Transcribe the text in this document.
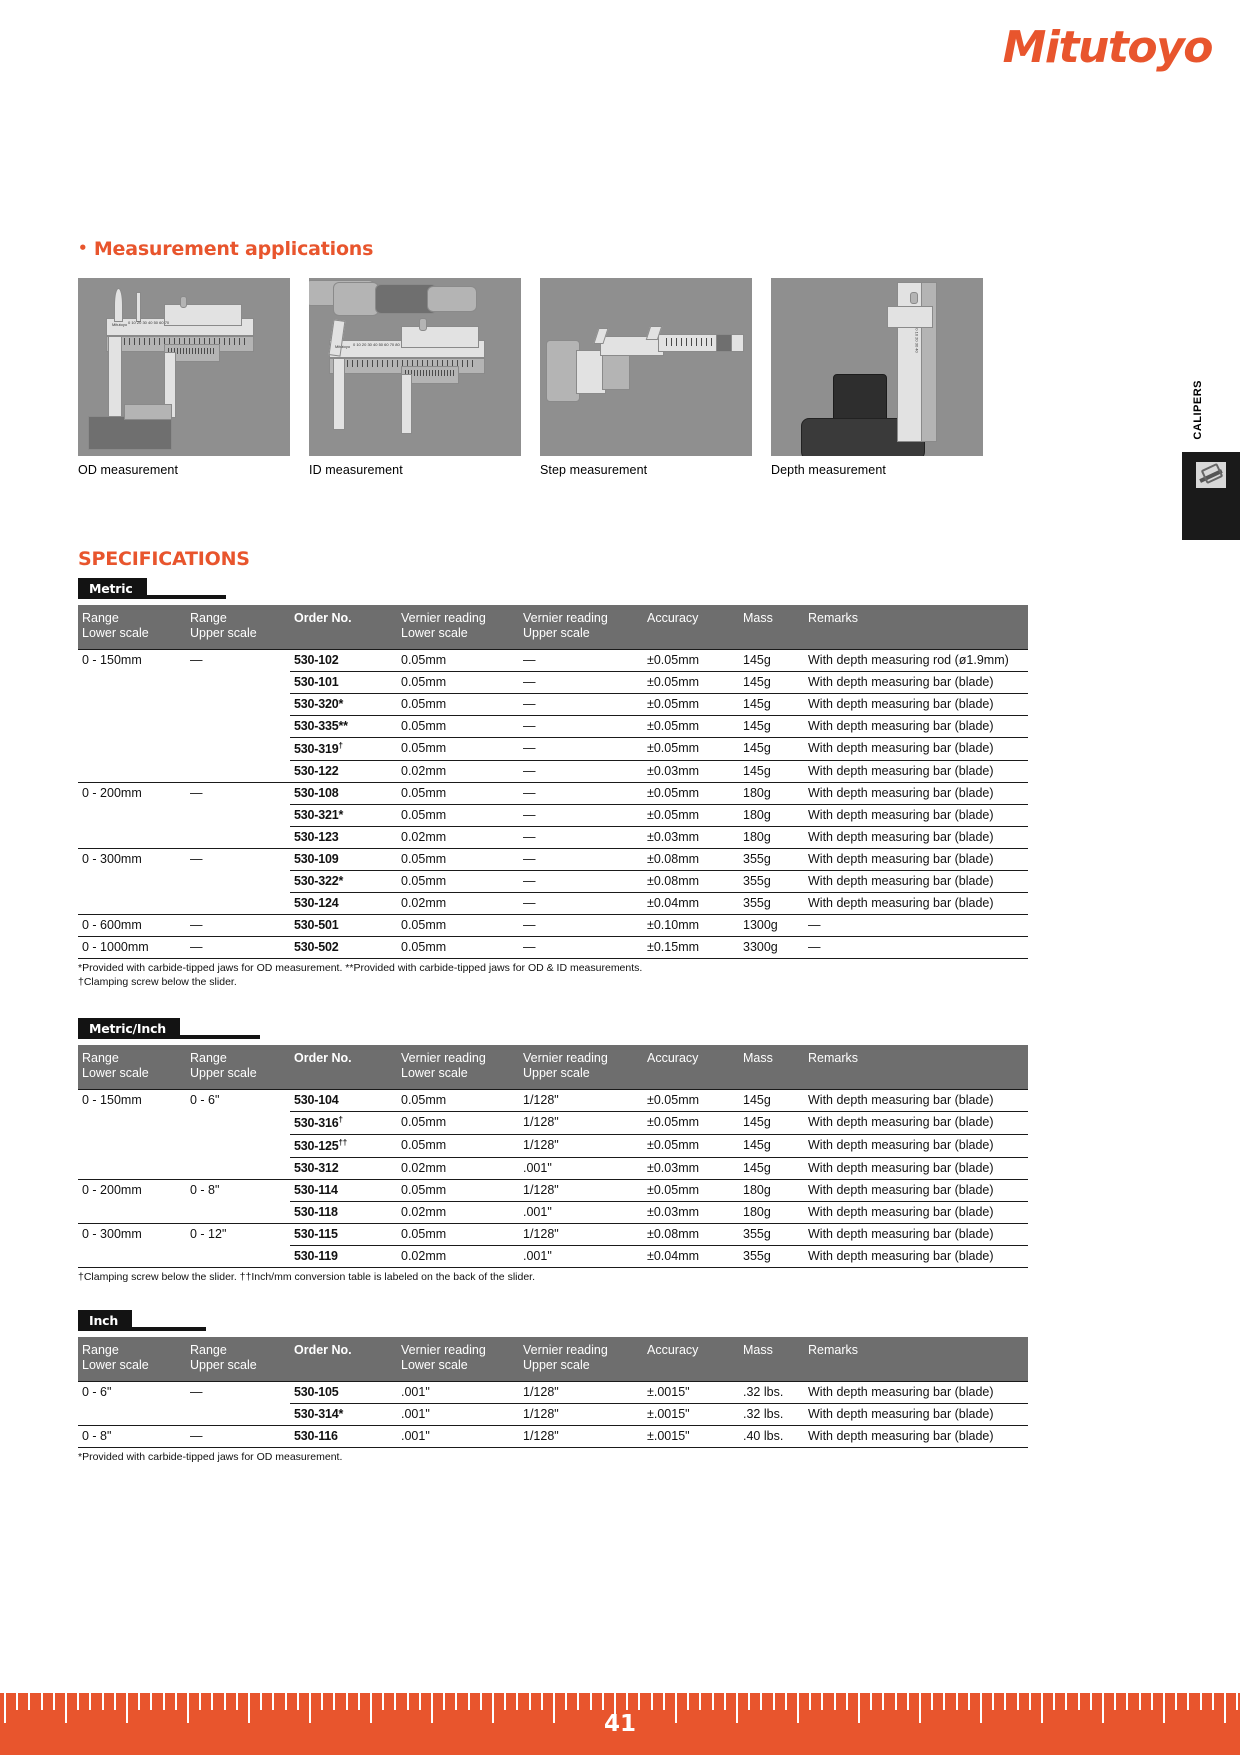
Mitutoyo
CALIPERS
• Measurement applications
Mitutoyo 0 10 20 30 40 50 60 70
OD measurement
Mitutoyo 0 10 20 30 40 50 60 70 80
ID measurement	Step measurement
0 10 20 30 40
Depth measurement
SPECIFICATIONS
Metric
Range
Lower scale	Range
Upper scale	Order No.	Vernier reading
Lower scale	Vernier reading
Upper scale	Accuracy	Mass	Remarks
0 - 150mm	—	530-102	0.05mm	—	±0.05mm	145g	With depth measuring rod (ø1.9mm)
		530-101	0.05mm	—	±0.05mm	145g	With depth measuring bar (blade)
		530-320*	0.05mm	—	±0.05mm	145g	With depth measuring bar (blade)
		530-335**	0.05mm	—	±0.05mm	145g	With depth measuring bar (blade)
		530-319†	0.05mm	—	±0.05mm	145g	With depth measuring bar (blade)
		530-122	0.02mm	—	±0.03mm	145g	With depth measuring bar (blade)
0 - 200mm	—	530-108	0.05mm	—	±0.05mm	180g	With depth measuring bar (blade)
		530-321*	0.05mm	—	±0.05mm	180g	With depth measuring bar (blade)
		530-123	0.02mm	—	±0.03mm	180g	With depth measuring bar (blade)
0 - 300mm	—	530-109	0.05mm	—	±0.08mm	355g	With depth measuring bar (blade)
		530-322*	0.05mm	—	±0.08mm	355g	With depth measuring bar (blade)
		530-124	0.02mm	—	±0.04mm	355g	With depth measuring bar (blade)
0 - 600mm	—	530-501	0.05mm	—	±0.10mm	1300g	—
0 - 1000mm	—	530-502	0.05mm	—	±0.15mm	3300g	—
*Provided with carbide-tipped jaws for OD measurement. **Provided with carbide-tipped jaws for OD & ID measurements.
†Clamping screw below the slider.
Metric/Inch
Range
Lower scale	Range
Upper scale	Order No.	Vernier reading
Lower scale	Vernier reading
Upper scale	Accuracy	Mass	Remarks
0 - 150mm	0 - 6"	530-104	0.05mm	1/128"	±0.05mm	145g	With depth measuring bar (blade)
		530-316†	0.05mm	1/128"	±0.05mm	145g	With depth measuring bar (blade)
		530-125††	0.05mm	1/128"	±0.05mm	145g	With depth measuring bar (blade)
		530-312	0.02mm	.001"	±0.03mm	145g	With depth measuring bar (blade)
0 - 200mm	0 - 8"	530-114	0.05mm	1/128"	±0.05mm	180g	With depth measuring bar (blade)
		530-118	0.02mm	.001"	±0.03mm	180g	With depth measuring bar (blade)
0 - 300mm	0 - 12"	530-115	0.05mm	1/128"	±0.08mm	355g	With depth measuring bar (blade)
		530-119	0.02mm	.001"	±0.04mm	355g	With depth measuring bar (blade)
†Clamping screw below the slider. ††Inch/mm conversion table is labeled on the back of the slider.
Inch
Range
Lower scale	Range
Upper scale	Order No.	Vernier reading
Lower scale	Vernier reading
Upper scale	Accuracy	Mass	Remarks
0 - 6"	—	530-105	.001"	1/128"	±.0015"	.32 lbs.	With depth measuring bar (blade)
		530-314*	.001"	1/128"	±.0015"	.32 lbs.	With depth measuring bar (blade)
0 - 8"	—	530-116	.001"	1/128"	±.0015"	.40 lbs.	With depth measuring bar (blade)
*Provided with carbide-tipped jaws for OD measurement.
41
